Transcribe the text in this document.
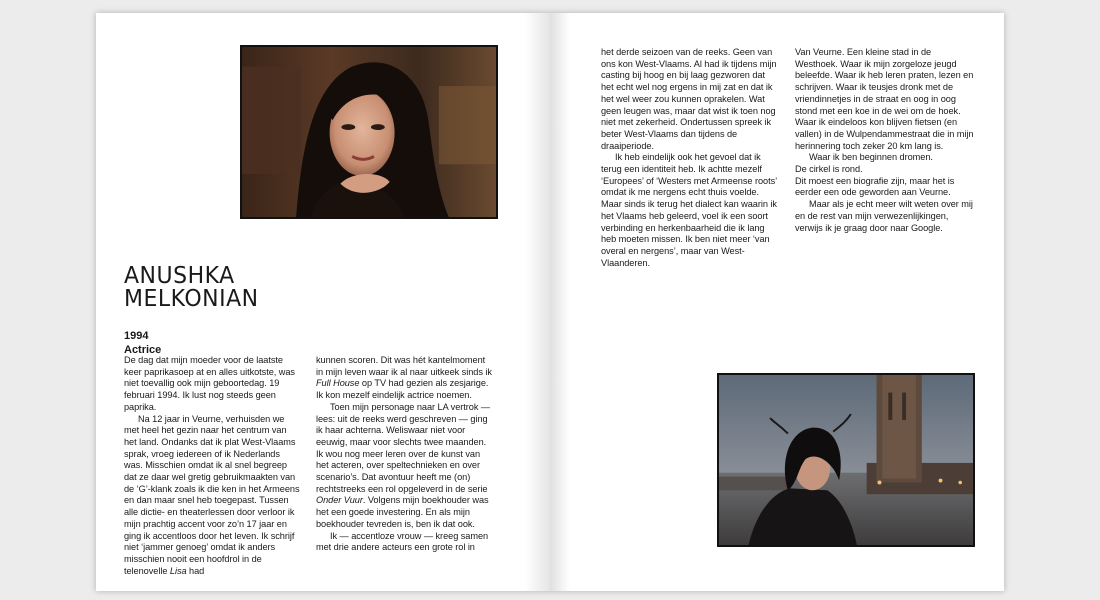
ANUSHKA
MELKONIAN
1994
Actrice

De dag dat mijn moeder voor de laatste keer paprikasoep at en alles uitkotste, was niet toevallig ook mijn geboortedag. 19 februari 1994. Ik lust nog steeds geen paprika.

Na 12 jaar in Veurne, verhuisden we met heel het gezin naar het centrum van het land. Ondanks dat ik plat West-Vlaams sprak, vroeg iedereen of ik Nederlands was. Misschien omdat ik al snel begreep dat ze daar wel gretig gebruikmaakten van de ‘G’-klank zoals ik die ken in het Armeens en dan maar snel heb toegepast. Tussen alle dictie- en theaterlessen door verloor ik mijn prachtig accent voor zo’n 17 jaar en ging ik accentloos door het leven. Ik schrijf niet ‘jammer genoeg’ omdat ik anders misschien nooit een hoofdrol in de telenovelle Lisa had

kunnen scoren. Dit was hét kantelmoment in mijn leven waar ik al naar uitkeek sinds ik Full House op TV had gezien als zesjarige. Ik kon mezelf eindelijk actrice noemen.

Toen mijn personage naar LA vertrok — lees: uit de reeks werd geschreven — ging ik haar achterna. Weliswaar niet voor eeuwig, maar voor slechts twee maanden. Ik wou nog meer leren over de kunst van het acteren, over speltechnieken en over scenario’s. Dat avontuur heeft me (on) rechtstreeks een rol opgeleverd in de serie Onder Vuur. Volgens mijn boekhouder was het een goede investering. En als mijn boekhouder tevreden is, ben ik dat ook.

Ik — accentloze vrouw — kreeg samen met drie andere acteurs een grote rol in

het derde seizoen van de reeks. Geen van ons kon West-Vlaams. Al had ik tijdens mijn casting bij hoog en bij laag gezworen dat het echt wel nog ergens in mij zat en dat ik het wel weer zou kunnen oprakelen. Wat geen leugen was, maar dat wist ik toen nog niet met zekerheid. Ondertussen spreek ik beter West-Vlaams dan tijdens de draaiperiode.

Ik heb eindelijk ook het gevoel dat ik terug een identiteit heb. Ik achtte mezelf ‘Europees’ of ‘Westers met Armeense roots’ omdat ik me nergens echt thuis voelde. Maar sinds ik terug het dialect kan waarin ik het Vlaams heb geleerd, voel ik een soort verbinding en herkenbaarheid die ik lang heb moeten missen. Ik ben niet meer ‘van overal en nergens’, maar van West-Vlaanderen.

Van Veurne. Een kleine stad in de Westhoek. Waar ik mijn zorgeloze jeugd beleefde. Waar ik heb leren praten, lezen en schrijven. Waar ik teusjes dronk met de vriendinnetjes in de straat en oog in oog stond met een koe in de wei om de hoek. Waar ik eindeloos kon blijven fietsen (en vallen) in de Wulpendammestraat die in mijn herinnering toch zeker 20 km lang is.

Waar ik ben beginnen dromen.

De cirkel is rond.

Dit moest een biografie zijn, maar het is eerder een ode geworden aan Veurne.

Maar als je echt meer wilt weten over mij en de rest van mijn verwezenlijkingen, verwijs ik je graag door naar Google.
